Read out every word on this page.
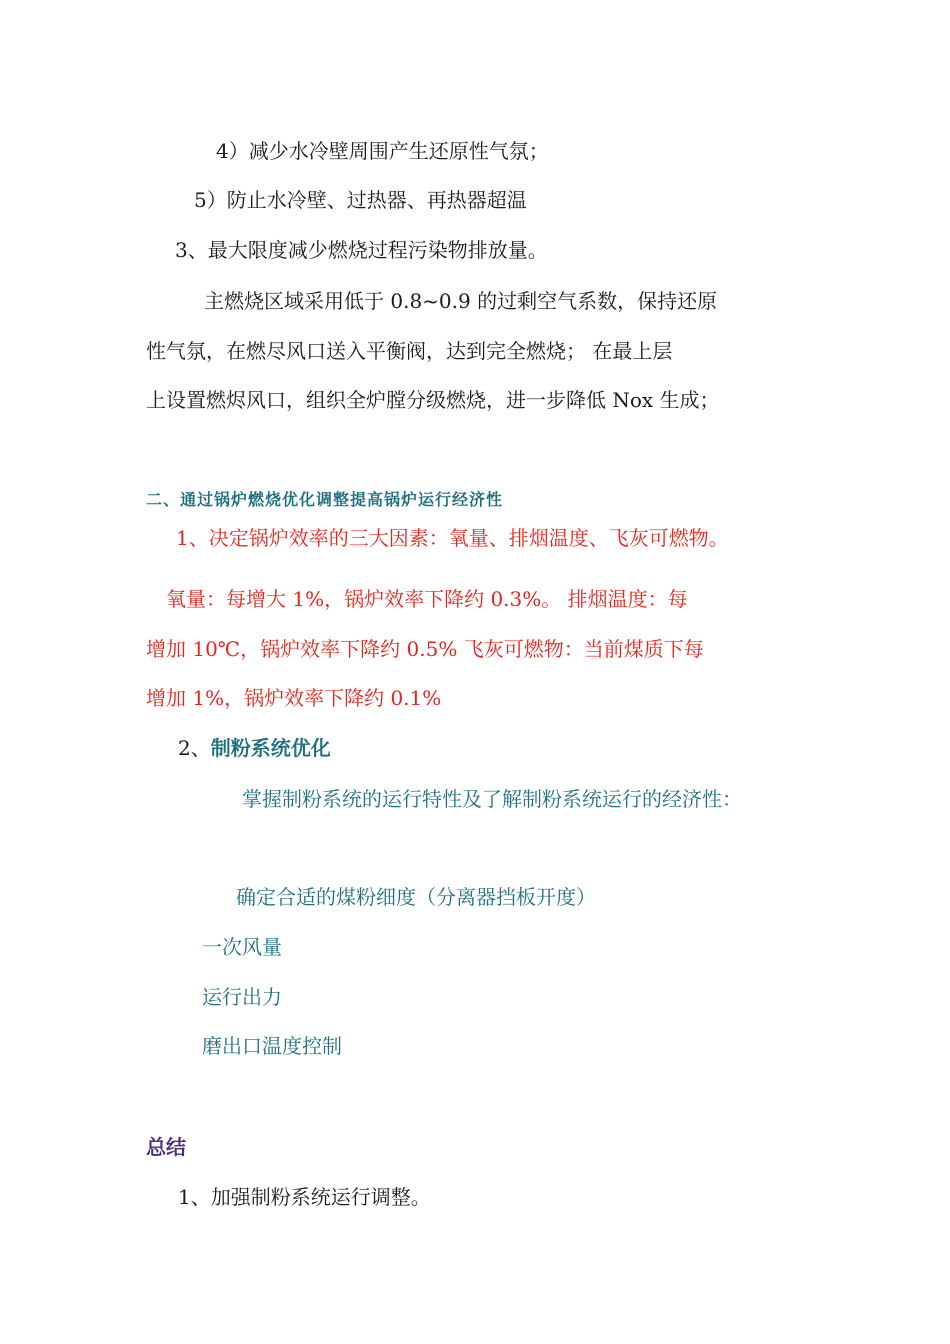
4）减少水冷壁周围产生还原性气氛；
5）防止水冷壁、过热器、再热器超温
3、最大限度减少燃烧过程污染物排放量。
主燃烧区域采用低于 0.8~0.9 的过剩空气系数，保持还原
性气氛，在燃尽风口送入平衡阀，达到完全燃烧； 在最上层
上设置燃烬风口，组织全炉膛分级燃烧，进一步降低 Nox 生成；
二、通过锅炉燃烧优化调整提高锅炉运行经济性
1、决定锅炉效率的三大因素：氧量、排烟温度、飞灰可燃物。
氧量：每增大 1%，锅炉效率下降约 0.3%。 排烟温度：每
增加 10℃，锅炉效率下降约 0.5% 飞灰可燃物：当前煤质下每
增加 1%，锅炉效率下降约 0.1%
2、制粉系统优化
掌握制粉系统的运行特性及了解制粉系统运行的经济性：
确定合适的煤粉细度（分离器挡板开度）
一次风量
运行出力
磨出口温度控制
总结
1、加强制粉系统运行调整。
